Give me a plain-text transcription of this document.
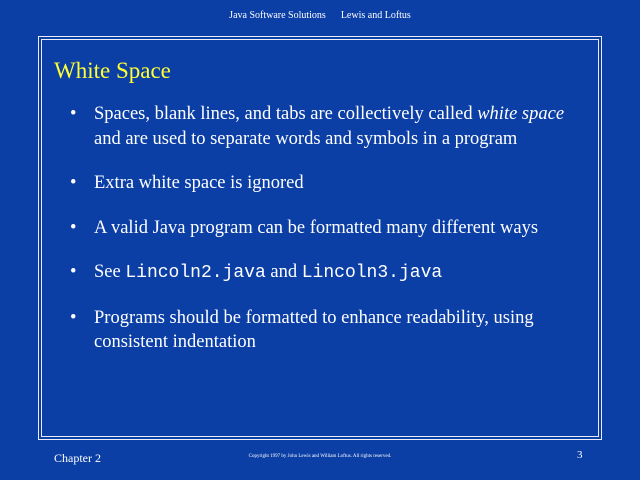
Java Software Solutions      Lewis and Loftus
White Space
• Spaces, blank lines, and tabs are collectively called white space and are used to separate words and symbols in a program
• Extra white space is ignored
• A valid Java program can be formatted many different ways
• See Lincoln2.java and Lincoln3.java
• Programs should be formatted to enhance readability, using consistent indentation
Chapter 2	Copyright 1997 by John Lewis and William Loftus. All rights reserved.	3
